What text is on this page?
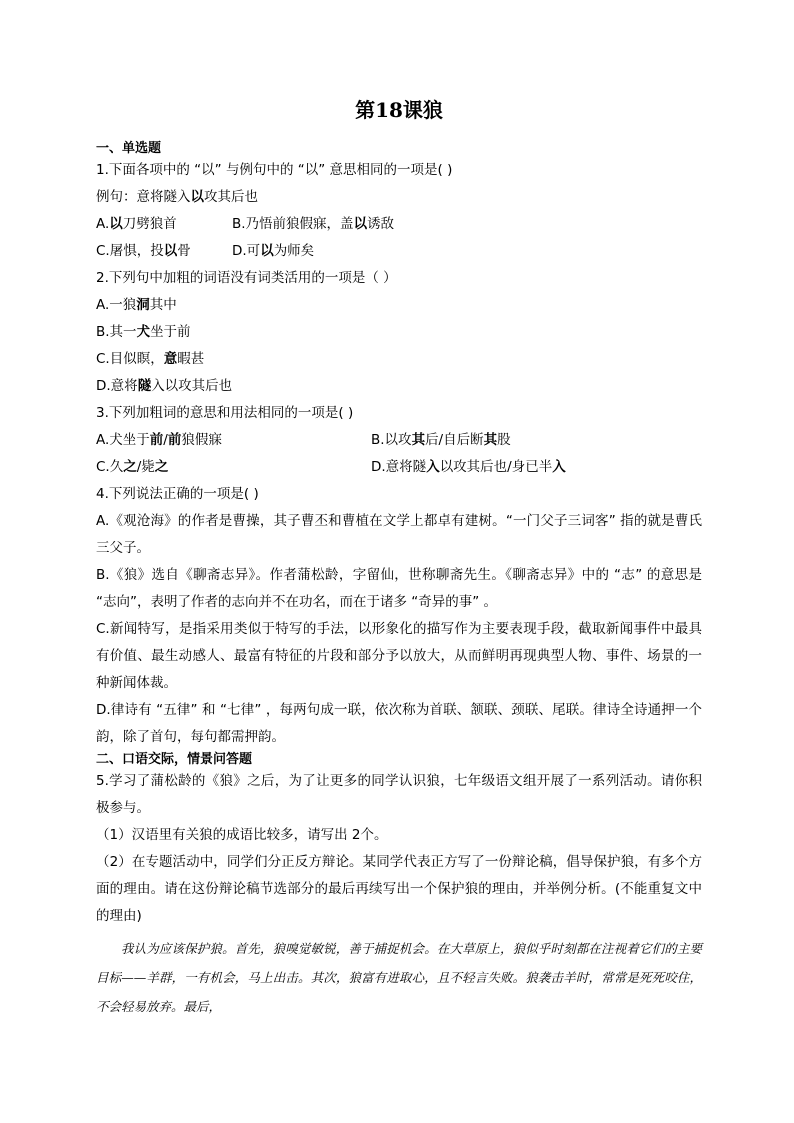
第18课狼

一、单选题

1.下面各项中的 “以” 与例句中的 “以” 意思相同的一项是( )

例句：意将隧入以攻其后也

A.以刀劈狼首	B.乃悟前狼假寐，盖以诱敌
C.屠惧，投以骨	D.可以为师矣

2.下列句中加粗的词语没有词类活用的一项是（ ）

A.一狼洞其中

B.其一犬坐于前

C.目似瞑，意暇甚

D.意将隧入以攻其后也

3.下列加粗词的意思和用法相同的一项是( )

A.犬坐于前/前狼假寐	B.以攻其后/自后断其股
C.久之/毙之	D.意将隧入以攻其后也/身已半入

4.下列说法正确的一项是( )

A.《观沧海》的作者是曹操，其子曹丕和曹植在文学上都卓有建树。“一门父子三词客” 指的就是曹氏三父子。

B.《狼》选自《聊斋志异》。作者蒲松龄，字留仙，世称聊斋先生。《聊斋志异》中的 “志” 的意思是 “志向”，表明了作者的志向并不在功名，而在于诸多 “奇异的事” 。

C.新闻特写，是指采用类似于特写的手法，以形象化的描写作为主要表现手段，截取新闻事件中最具有价值、最生动感人、最富有特征的片段和部分予以放大，从而鲜明再现典型人物、事件、场景的一种新闻体裁。

D.律诗有 “五律” 和 “七律” ，每两句成一联，依次称为首联、颔联、颈联、尾联。律诗全诗通押一个韵，除了首句，每句都需押韵。

二、口语交际，情景问答题

5.学习了蒲松龄的《狼》之后，为了让更多的同学认识狼，七年级语文组开展了一系列活动。请你积极参与。

（1）汉语里有关狼的成语比较多，请写出 2个。

（2）在专题活动中，同学们分正反方辩论。某同学代表正方写了一份辩论稿，倡导保护狼，有多个方面的理由。请在这份辩论稿节选部分的最后再续写出一个保护狼的理由，并举例分析。(不能重复文中的理由)

我认为应该保护狼。首先，狼嗅觉敏锐，善于捕捉机会。在大草原上，狼似乎时刻都在注视着它们的主要目标——羊群，一有机会，马上出击。其次，狼富有进取心，且不轻言失败。狼袭击羊时，常常是死死咬住，不会轻易放弃。最后，
